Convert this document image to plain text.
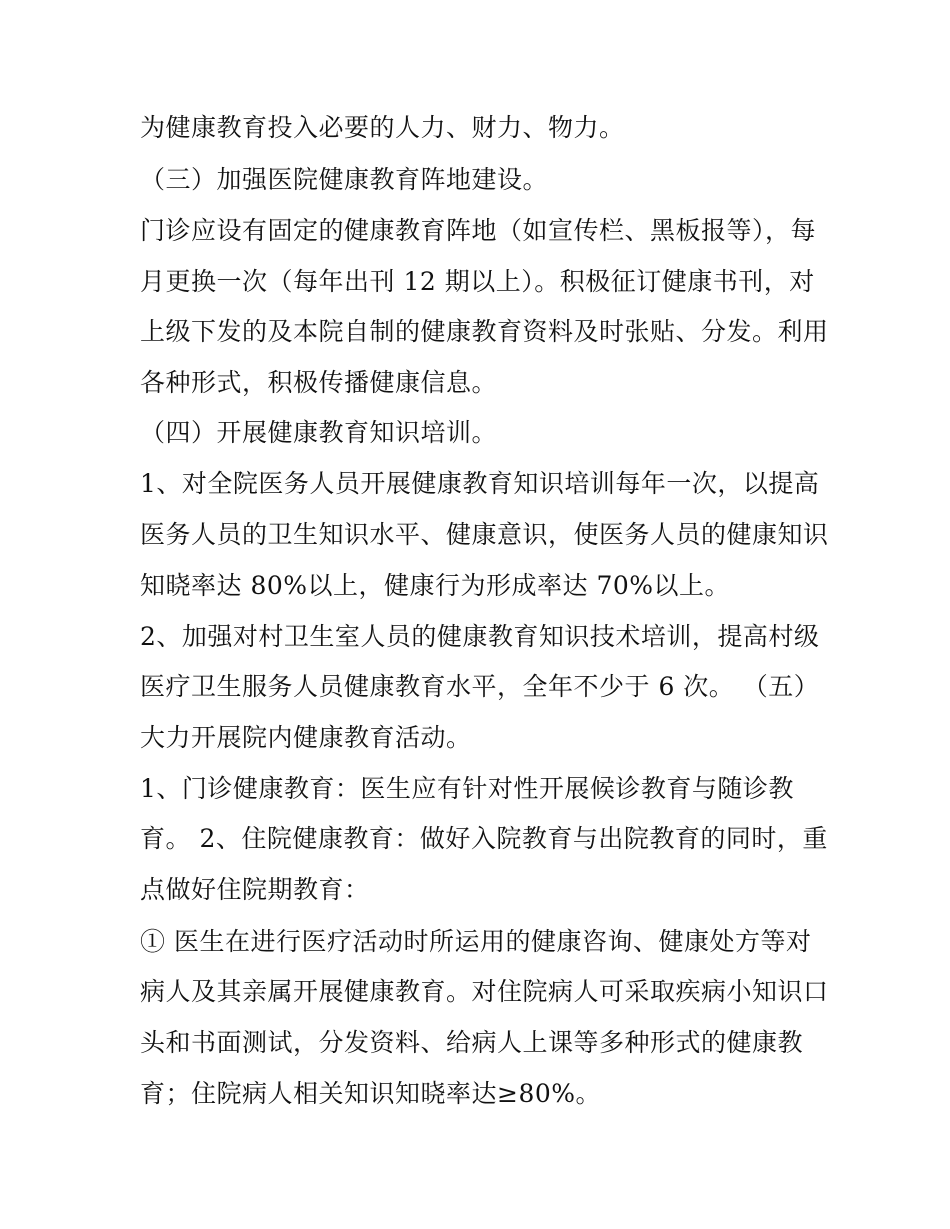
为健康教育投入必要的人力、财力、物力。
（三）加强医院健康教育阵地建设。
门诊应设有固定的健康教育阵地（如宣传栏、黑板报等），每
月更换一次（每年出刊 12 期以上）。积极征订健康书刊，对
上级下发的及本院自制的健康教育资料及时张贴、分发。利用
各种形式，积极传播健康信息。
（四）开展健康教育知识培训。
1、对全院医务人员开展健康教育知识培训每年一次，以提高
医务人员的卫生知识水平、健康意识，使医务人员的健康知识
知晓率达 80%以上，健康行为形成率达 70%以上。
2、加强对村卫生室人员的健康教育知识技术培训，提高村级
医疗卫生服务人员健康教育水平，全年不少于 6 次。 （五）
大力开展院内健康教育活动。
1、门诊健康教育：医生应有针对性开展候诊教育与随诊教
育。 2、住院健康教育：做好入院教育与出院教育的同时，重
点做好住院期教育：
① 医生在进行医疗活动时所运用的健康咨询、健康处方等对
病人及其亲属开展健康教育。对住院病人可采取疾病小知识口
头和书面测试，分发资料、给病人上课等多种形式的健康教
育；住院病人相关知识知晓率达≥80%。
